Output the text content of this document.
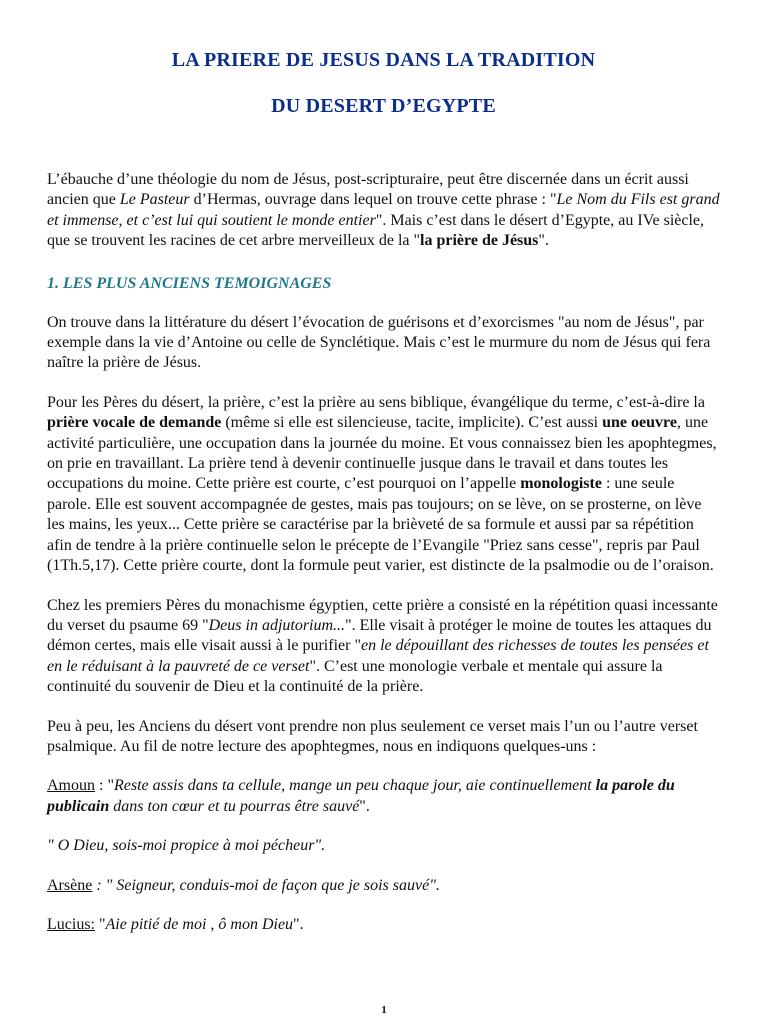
LA PRIERE DE JESUS DANS LA TRADITION
DU DESERT D’EGYPTE

L’ébauche d’une théologie du nom de Jésus, post-scripturaire, peut être discernée dans un écrit aussi ancien que Le Pasteur d’Hermas, ouvrage dans lequel on trouve cette phrase : "Le Nom du Fils est grand et immense, et c’est lui qui soutient le monde entier". Mais c’est dans le désert d’Egypte, au IVe siècle, que se trouvent les racines de cet arbre merveilleux de la "la prière de Jésus".

1. LES PLUS ANCIENS TEMOIGNAGES

On trouve dans la littérature du désert l’évocation de guérisons et d’exorcismes "au nom de Jésus", par exemple dans la vie d’Antoine ou celle de Synclétique. Mais c’est le murmure du nom de Jésus qui fera naître la prière de Jésus.

Pour les Pères du désert, la prière, c’est la prière au sens biblique, évangélique du terme, c’est-à-dire la prière vocale de demande (même si elle est silencieuse, tacite, implicite). C’est aussi une oeuvre, une activité particulière, une occupation dans la journée du moine. Et vous connaissez bien les apophtegmes, on prie en travaillant. La prière tend à devenir continuelle jusque dans le travail et dans toutes les occupations du moine. Cette prière est courte, c’est pourquoi on l’appelle monologiste : une seule parole. Elle est souvent accompagnée de gestes, mais pas toujours; on se lève, on se prosterne, on lève les mains, les yeux... Cette prière se caractérise par la brièveté de sa formule et aussi par sa répétition afin de tendre à la prière continuelle selon le précepte de l’Evangile "Priez sans cesse", repris par Paul (1Th.5,17). Cette prière courte, dont la formule peut varier, est distincte de la psalmodie ou de l’oraison.

Chez les premiers Pères du monachisme égyptien, cette prière a consisté en la répétition quasi incessante du verset du psaume 69 "Deus in adjutorium...". Elle visait à protéger le moine de toutes les attaques du démon certes, mais elle visait aussi à le purifier "en le dépouillant des richesses de toutes les pensées et en le réduisant à la pauvreté de ce verset". C’est une monologie verbale et mentale qui assure la continuité du souvenir de Dieu et la continuité de la prière.

Peu à peu, les Anciens du désert vont prendre non plus seulement ce verset mais l’un ou l’autre verset psalmique. Au fil de notre lecture des apophtegmes, nous en indiquons quelques-uns :

Amoun : "Reste assis dans ta cellule, mange un peu chaque jour, aie continuellement la parole du publicain dans ton cœur et tu pourras être sauvé".

" O Dieu, sois-moi propice à moi pécheur".

Arsène : " Seigneur, conduis-moi de façon que je sois sauvé".

Lucius: "Aie pitié de moi , ô mon Dieu".

1
